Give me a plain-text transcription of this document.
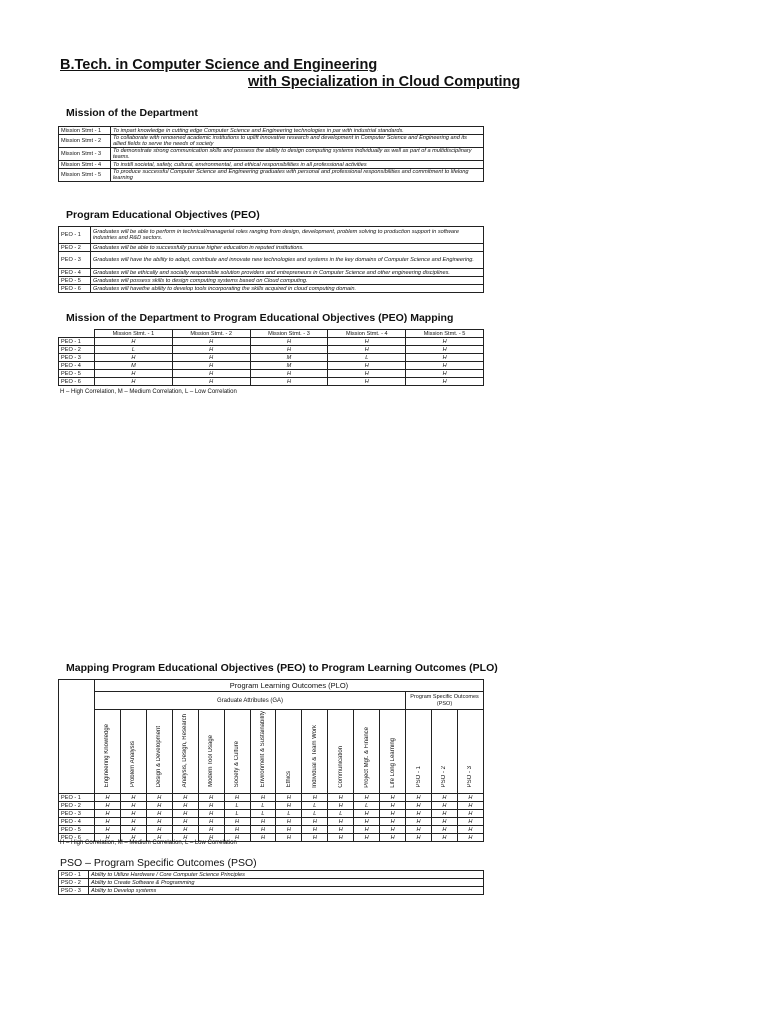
B.Tech. in Computer Science and Engineering
with Specialization in Cloud Computing
Mission of the Department
Mission Stmt - 1	To impart knowledge in cutting edge Computer Science and Engineering technologies in par with industrial standards.
Mission Stmt - 2	To collaborate with renowned academic institutions to uplift innovative research and development in Computer Science and Engineering and its allied fields to serve the needs of society
Mission Stmt - 3	To demonstrate strong communication skills and possess the ability to design computing systems individually as well as part of a multidisciplinary teams.
Mission Stmt - 4	To instill societal, safety, cultural, environmental, and ethical responsibilities in all professional activities
Mission Stmt - 5	To produce successful Computer Science and Engineering graduates with personal and professional responsibilities and commitment to lifelong learning
Program Educational Objectives (PEO)
PEO - 1	Graduates will be able to perform in technical/managerial roles ranging from design, development, problem solving to production support in software industries and R&D sectors.
PEO - 2	Graduates will be able to successfully pursue higher education in reputed institutions.
PEO - 3	Graduates will have the ability to adapt, contribute and innovate new technologies and systems in the key domains of Computer Science and Engineering.
PEO - 4	Graduates will be ethically and socially responsible solution providers and entrepreneurs in Computer Science and other engineering disciplines.
PEO - 5	Graduates will possess skills to design computing systems based on Cloud computing.
PEO - 6	Graduates will havethe ability to develop tools incorporating the skills acquired in cloud computing domain.
Mission of the Department to Program Educational Objectives (PEO) Mapping
	Mission Stmt. - 1	Mission Stmt. - 2	Mission Stmt. - 3	Mission Stmt. - 4	Mission Stmt. - 5
PEO - 1	H	H	H	H	H
PEO - 2	L	H	H	H	H
PEO - 3	H	H	M	L	H
PEO - 4	M	H	M	H	H
PEO - 5	H	H	H	H	H
PEO - 6	H	H	H	H	H
H – High Correlation, M – Medium Correlation, L – Low Correlation
Mapping Program Educational Objectives (PEO) to Program Learning Outcomes (PLO)
	Program Learning Outcomes (PLO)														
	Graduate Attributes (GA)												Program Specific Outcomes (PSO)		
	Engineering Knowledge	Problem Analysis	Design & Development	Analysis, Design, Research	Modern Tool Usage	Society & Culture	Environment & Sustainability	Ethics	Individual & Team Work	Communication	Project Mgt. & Finance	Life Long Learning	PSO - 1	PSO - 2	PSO - 3
PEO - 1	H	H	H	H	H	H	H	H	H	H	H	H	H	H	H
PEO - 2	H	H	H	H	H	L	L	H	L	H	L	H	H	H	H
PEO - 3	H	H	H	H	H	L	L	L	L	L	H	H	H	H	H
PEO - 4	H	H	H	H	H	H	H	H	H	H	H	H	H	H	H
PEO - 5	H	H	H	H	H	H	H	H	H	H	H	H	H	H	H
PEO - 6	H	H	H	H	H	H	H	H	H	H	H	H	H	H	H
H – High Correlation, M – Medium Correlation, L – Low Correlation
PSO – Program Specific Outcomes (PSO)
PSO - 1	Ability to Utilize Hardware / Core Computer Science Principles
PSO - 2	Ability to Create Software & Programming
PSO - 3	Ability to Develop systems
